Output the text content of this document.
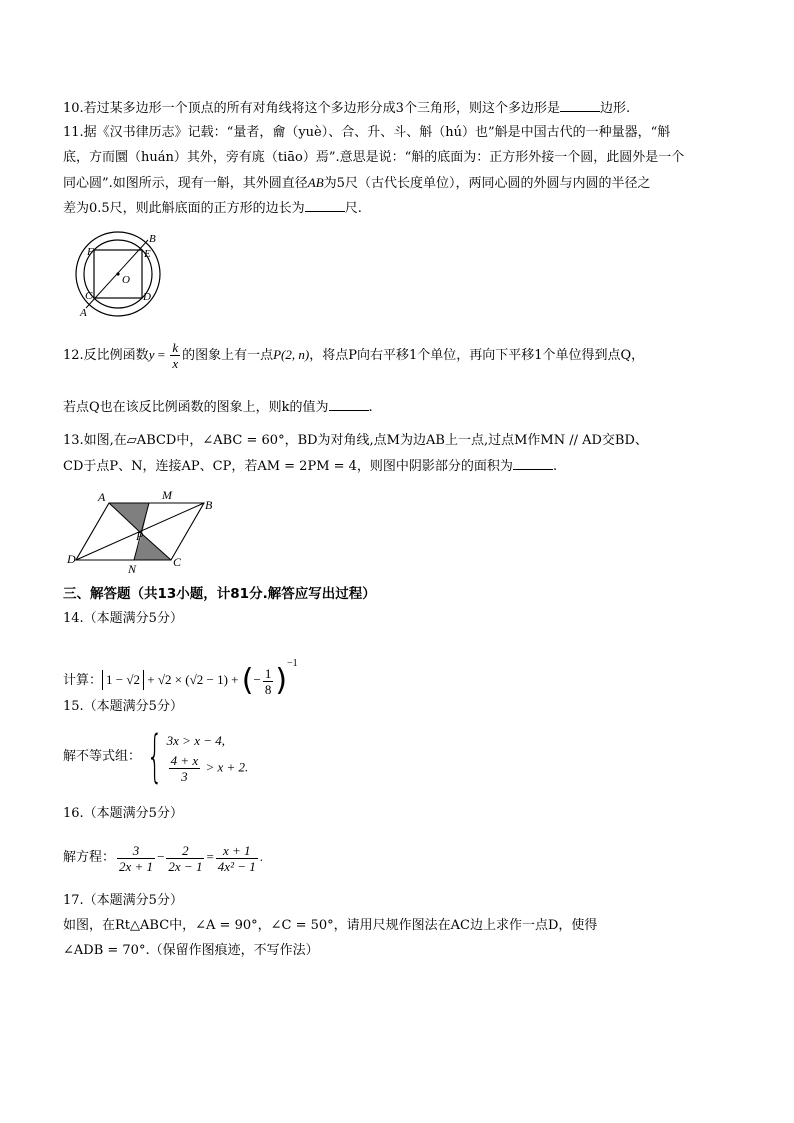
10.若过某多边形一个顶点的所有对角线将这个多边形分成3个三角形，则这个多边形是	边形.
11.据《汉书律历志》记载：“量者，龠（yuè）、合、升、斗、斛（hú）也”斛是中国古代的一种量器，“斛
底，方而圜（huán）其外，旁有庣（tiāo）焉”.意思是说：“斛的底面为：正方形外接一个圆，此圆外是一个
同心圆”.如图所示，现有一斛，其外圆直径AB为5尺（古代长度单位），两同心圆的外圆与内圆的半径之
差为0.5尺，则此斛底面的正方形的边长为	尺.
B
E
F
O
C	D
A
12.反比例函数$y = \frac{k}{x}$ 的图象上有一点P(2, n)，将点P向右平移1个单位，再向下平移1个单位得到点Q，
若点Q也在该反比例函数的图象上，则k的值为	.
13.如图,在▱ABCD中，∠ABC = 60°，BD为对角线,点M为边AB上一点,过点M作MN // AD交BD、
CD于点P、N，连接AP、CP，若AM = 2PM = 4，则图中阴影部分的面积为	.
A	M
B
P
D
N	C
三、解答题（共13小题，计81分.解答应写出过程）
14.（本题满分5分）
计算： 1 − √2 + √2 × (√2 − 1) + (− $\frac{1}{8} )^{-1}$
15.（本题满分5分）
解不等式组： { 3x > x − 4,
$\frac{4 + x}{3} > x + 2$.
16.（本题满分5分）
解方程： $\frac{3}{2x + 1} - \frac{2}{2x - 1} = \frac{x + 1}{\text{4x² − 1}}$ .
17.（本题满分5分）
如图，在Rt△ABC中，∠A = 90°，∠C = 50°，请用尺规作图法在AC边上求作一点D，使得
∠ADB = 70°.（保留作图痕迹，不写作法）
